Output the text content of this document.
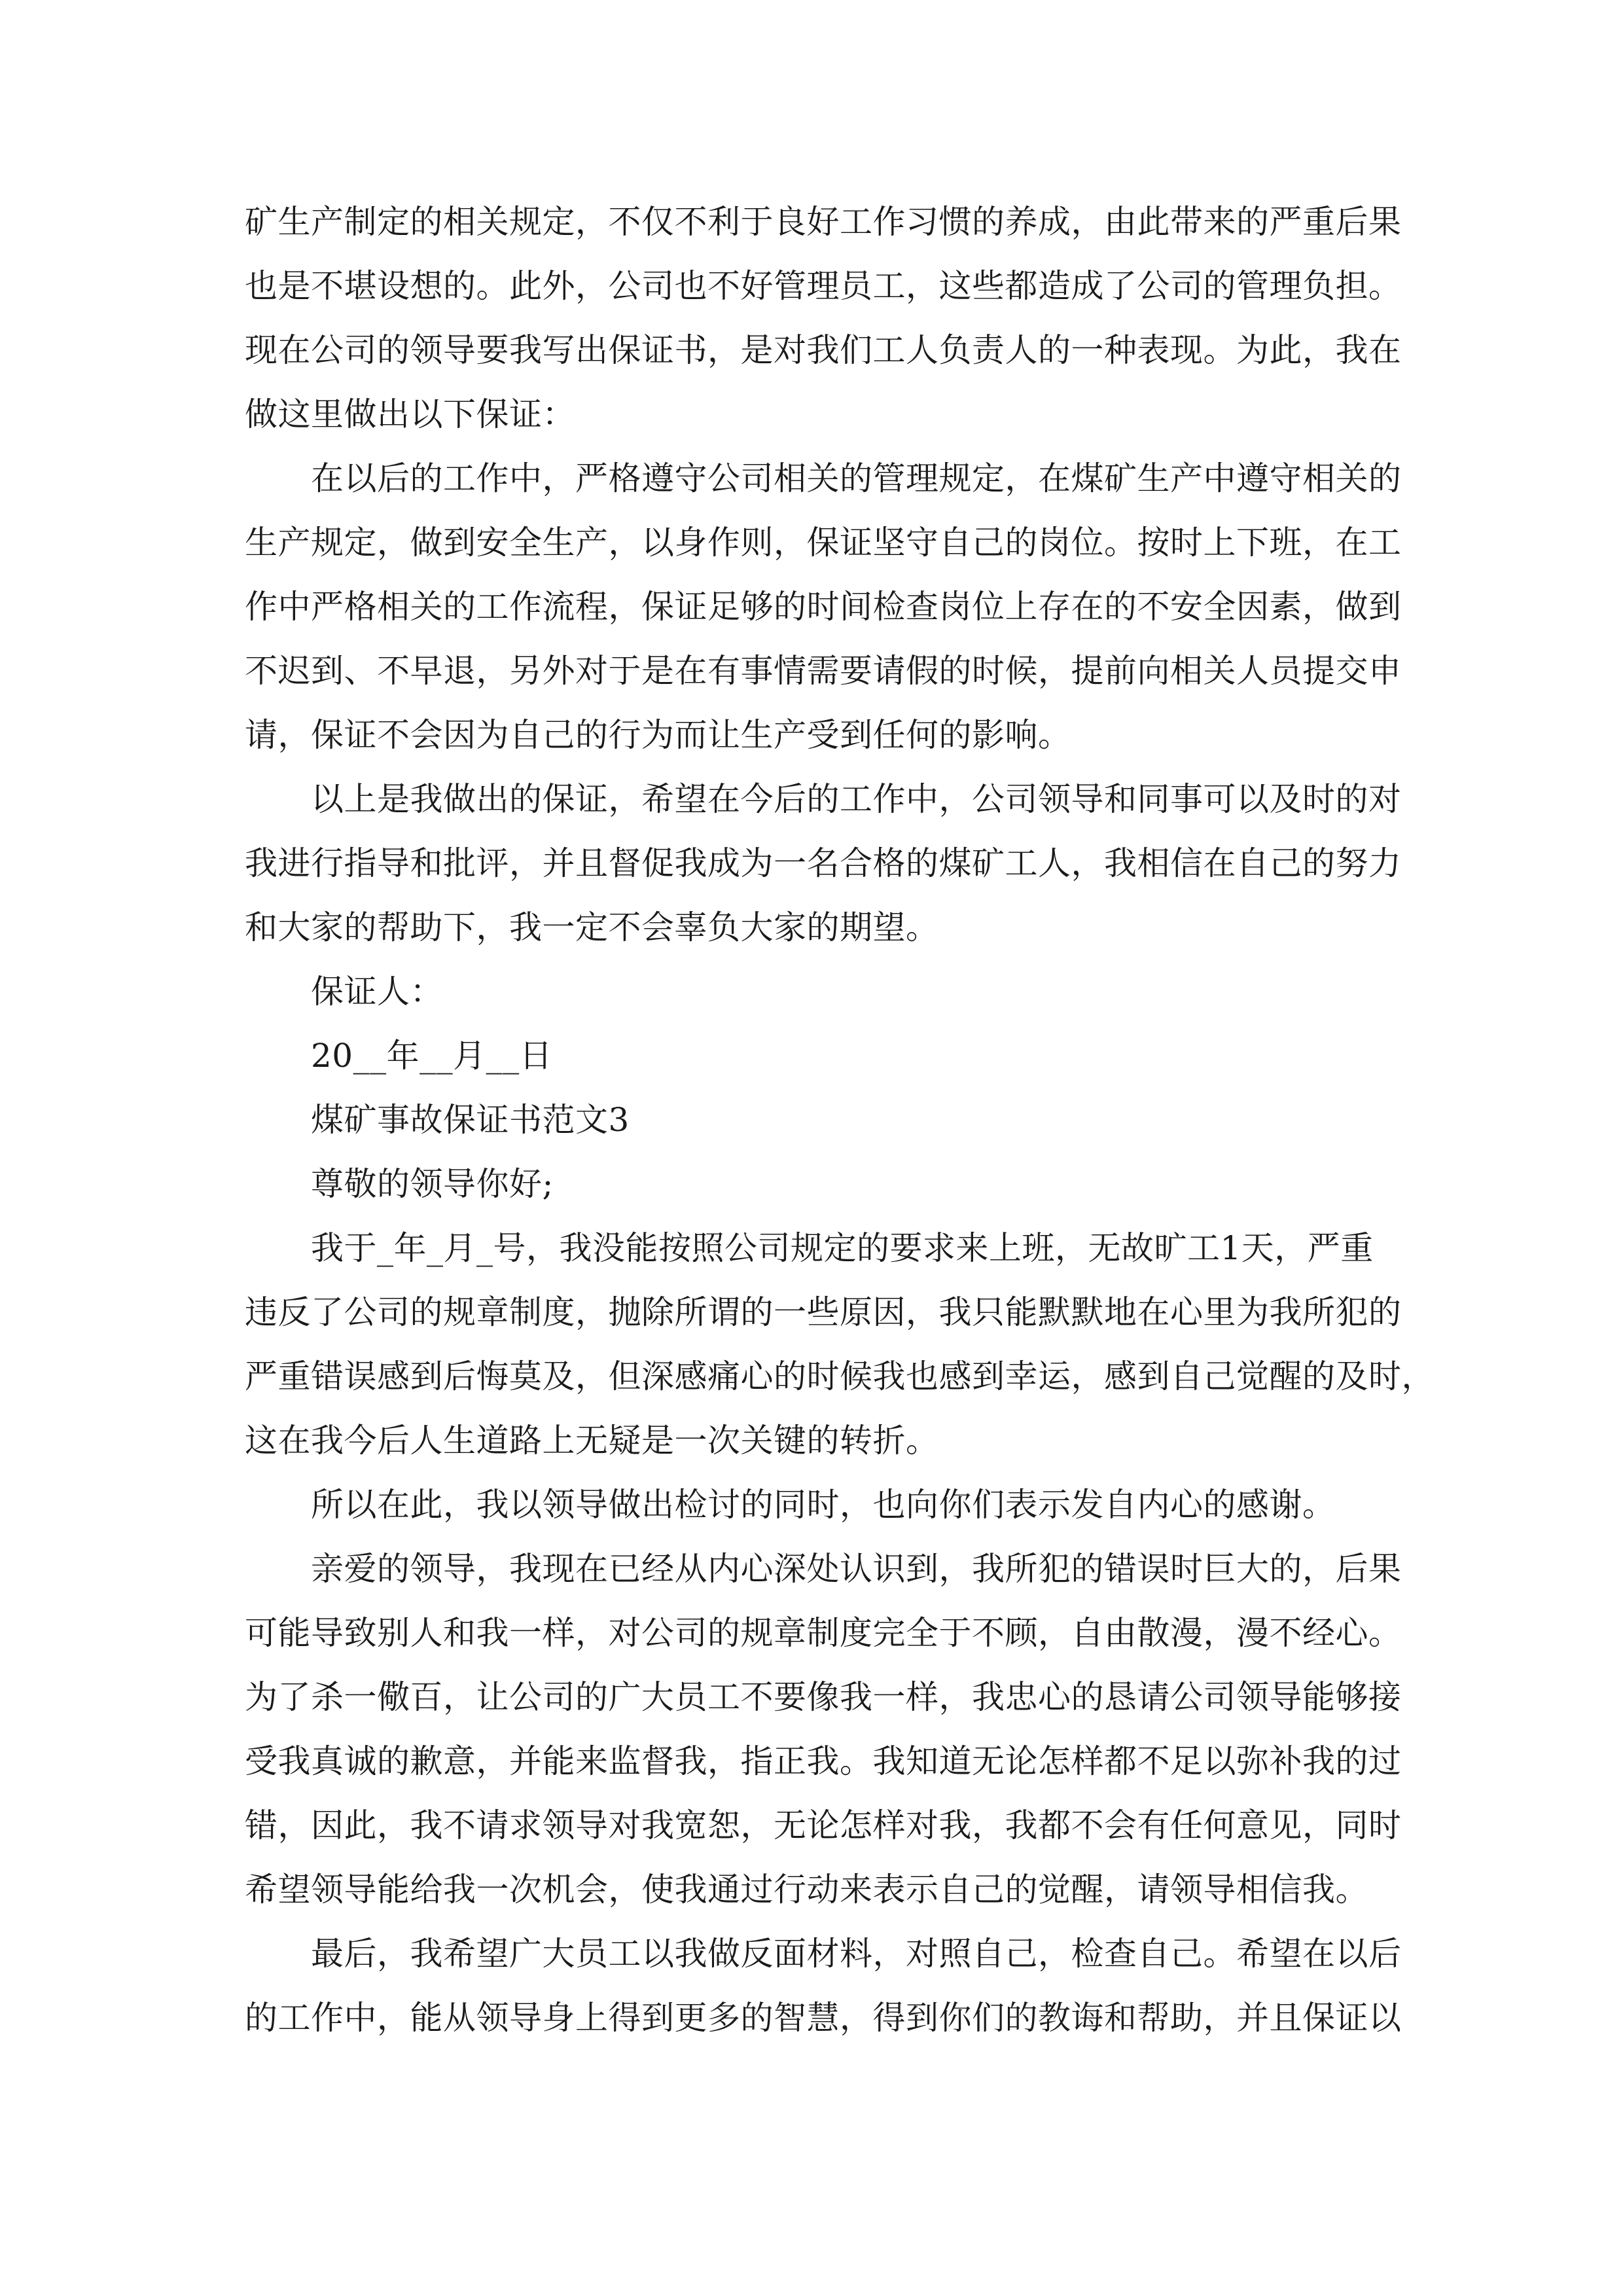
矿生产制定的相关规定，不仅不利于良好工作习惯的养成，由此带来的严重后果

也是不堪设想的。此外，公司也不好管理员工，这些都造成了公司的管理负担。

现在公司的领导要我写出保证书，是对我们工人负责人的一种表现。为此，我在

做这里做出以下保证：

在以后的工作中，严格遵守公司相关的管理规定，在煤矿生产中遵守相关的

生产规定，做到安全生产，以身作则，保证坚守自己的岗位。按时上下班，在工

作中严格相关的工作流程，保证足够的时间检查岗位上存在的不安全因素，做到

不迟到、不早退，另外对于是在有事情需要请假的时候，提前向相关人员提交申

请，保证不会因为自己的行为而让生产受到任何的影响。

以上是我做出的保证，希望在今后的工作中，公司领导和同事可以及时的对

我进行指导和批评，并且督促我成为一名合格的煤矿工人，我相信在自己的努力

和大家的帮助下，我一定不会辜负大家的期望。

保证人：

20__年__月__日

煤矿事故保证书范文3

尊敬的领导你好;

我于_年_月_号，我没能按照公司规定的要求来上班，无故旷工1天，严重

违反了公司的规章制度，抛除所谓的一些原因，我只能默默地在心里为我所犯的

严重错误感到后悔莫及，但深感痛心的时候我也感到幸运，感到自己觉醒的及时，

这在我今后人生道路上无疑是一次关键的转折。

所以在此，我以领导做出检讨的同时，也向你们表示发自内心的感谢。

亲爱的领导，我现在已经从内心深处认识到，我所犯的错误时巨大的，后果

可能导致别人和我一样，对公司的规章制度完全于不顾，自由散漫，漫不经心。

为了杀一儆百，让公司的广大员工不要像我一样，我忠心的恳请公司领导能够接

受我真诚的歉意，并能来监督我，指正我。我知道无论怎样都不足以弥补我的过

错，因此，我不请求领导对我宽恕，无论怎样对我，我都不会有任何意见，同时

希望领导能给我一次机会，使我通过行动来表示自己的觉醒，请领导相信我。

最后，我希望广大员工以我做反面材料，对照自己，检查自己。希望在以后

的工作中，能从领导身上得到更多的智慧，得到你们的教诲和帮助，并且保证以
